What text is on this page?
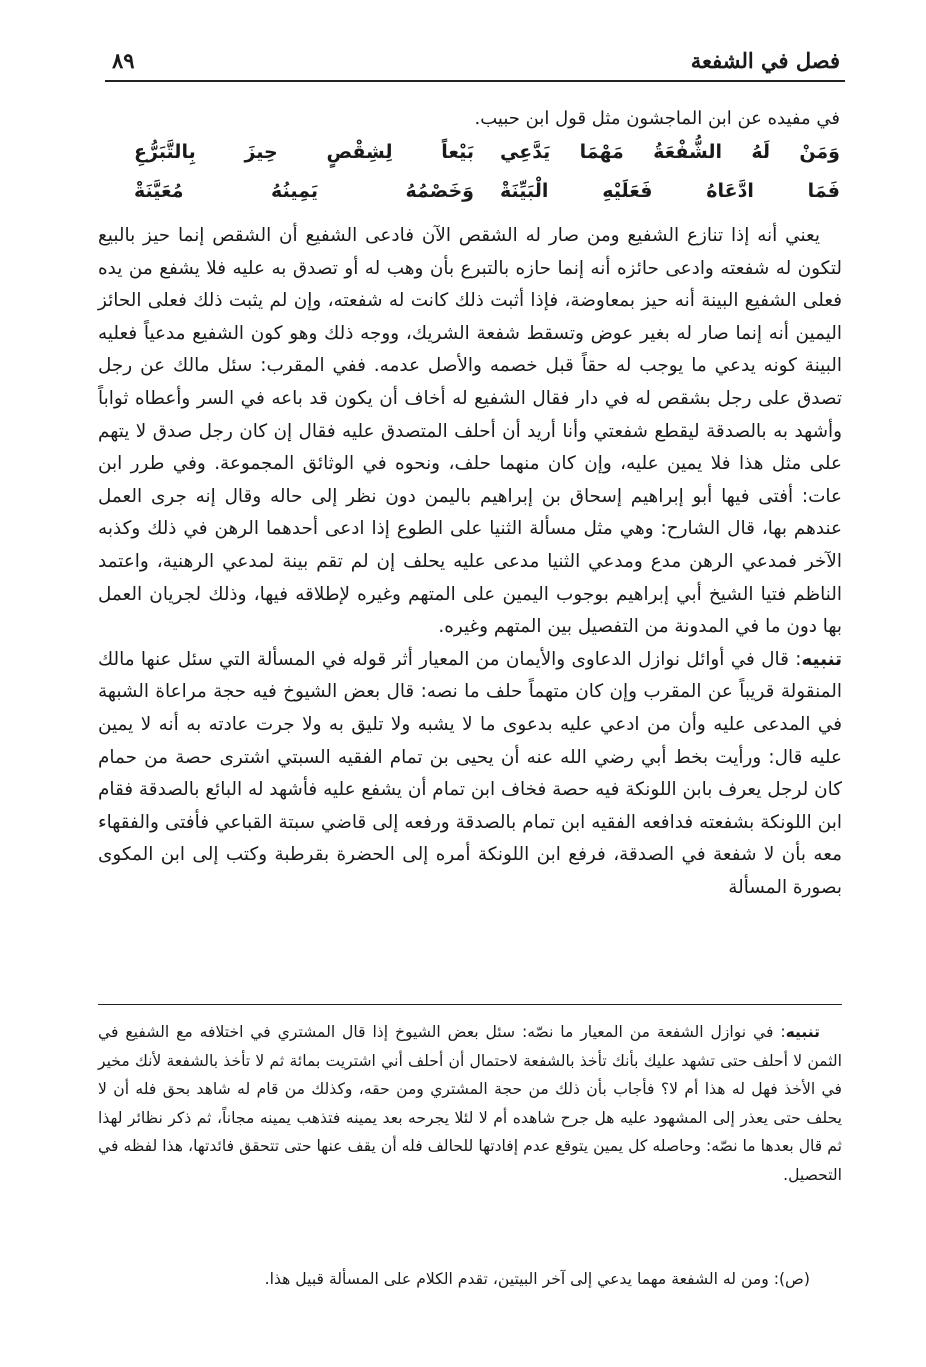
فصل في الشفعة
٨٩
في مفيده عن ابن الماجشون مثل قول ابن حبيب.
وَمَنْ لَهُ الشُّفْعَةُ مَهْمَا يَدَّعِي
بَيْعاً لِشِقْصٍ حِيزَ بِالتَّبَرُّعِ
فَمَا ادَّعَاهُ فَعَلَيْهِ الْبَيِّنَةْ
وَخَصْمُهُ يَمِينُهُ مُعَيَّنَةْ

يعني أنه إذا تنازع الشفيع ومن صار له الشقص الآن فادعى الشفيع أن الشقص إنما حيز بالبيع لتكون له شفعته وادعى حائزه أنه إنما حازه بالتبرع بأن وهب له أو تصدق به عليه فلا يشفع من يده فعلى الشفيع البينة أنه حيز بمعاوضة، فإذا أثبت ذلك كانت له شفعته، وإن لم يثبت ذلك فعلى الحائز اليمين أنه إنما صار له بغير عوض وتسقط شفعة الشريك، ووجه ذلك وهو كون الشفيع مدعياً فعليه البينة كونه يدعي ما يوجب له حقاً قبل خصمه والأصل عدمه. ففي المقرب: سئل مالك عن رجل تصدق على رجل بشقص له في دار فقال الشفيع له أخاف أن يكون قد باعه في السر وأعطاه ثواباً وأشهد به بالصدقة ليقطع شفعتي وأنا أريد أن أحلف المتصدق عليه فقال إن كان رجل صدق لا يتهم على مثل هذا فلا يمين عليه، وإن كان منهما حلف، ونحوه في الوثائق المجموعة. وفي طرر ابن عات: أفتى فيها أبو إبراهيم إسحاق بن إبراهيم باليمن دون نظر إلى حاله وقال إنه جرى العمل عندهم بها، قال الشارح: وهي مثل مسألة الثنيا على الطوع إذا ادعى أحدهما الرهن في ذلك وكذبه الآخر فمدعي الرهن مدع ومدعي الثنيا مدعى عليه يحلف إن لم تقم بينة لمدعي الرهنية، واعتمد الناظم فتيا الشيخ أبي إبراهيم بوجوب اليمين على المتهم وغيره لإطلاقه فيها، وذلك لجريان العمل بها دون ما في المدونة من التفصيل بين المتهم وغيره.

تنبيه: قال في أوائل نوازل الدعاوى والأيمان من المعيار أثر قوله في المسألة التي سئل عنها مالك المنقولة قريباً عن المقرب وإن كان متهماً حلف ما نصه: قال بعض الشيوخ فيه حجة مراعاة الشبهة في المدعى عليه وأن من ادعي عليه بدعوى ما لا يشبه ولا تليق به ولا جرت عادته به أنه لا يمين عليه قال: ورأيت بخط أبي رضي الله عنه أن يحيى بن تمام الفقيه السبتي اشترى حصة من حمام كان لرجل يعرف بابن اللونكة فيه حصة فخاف ابن تمام أن يشفع عليه فأشهد له البائع بالصدقة فقام ابن اللونكة بشفعته فدافعه الفقيه ابن تمام بالصدقة ورفعه إلى قاضي سبتة القباعي فأفتى والفقهاء معه بأن لا شفعة في الصدقة، فرفع ابن اللونكة أمره إلى الحضرة بقرطبة وكتب إلى ابن المكوى بصورة المسألة

تنبيه: في نوازل الشفعة من المعيار ما نصّه: سئل بعض الشيوخ إذا قال المشتري في اختلافه مع الشفيع في الثمن لا أحلف حتى تشهد عليك بأنك تأخذ بالشفعة لاحتمال أن أحلف أني اشتريت بمائة ثم لا تأخذ بالشفعة لأنك مخير في الأخذ فهل له هذا أم لا؟ فأجاب بأن ذلك من حجة المشتري ومن حقه، وكذلك من قام له شاهد بحق فله أن لا يحلف حتى يعذر إلى المشهود عليه هل جرح شاهده أم لا لئلا يجرحه بعد يمينه فتذهب يمينه مجاناً، ثم ذكر نظائر لهذا ثم قال بعدها ما نصّه: وحاصله كل يمين يتوقع عدم إفادتها للحالف فله أن يقف عنها حتى تتحقق فائدتها، هذا لفظه في التحصيل.

(ص): ومن له الشفعة مهما يدعي إلى آخر البيتين، تقدم الكلام على المسألة قبيل هذا.
